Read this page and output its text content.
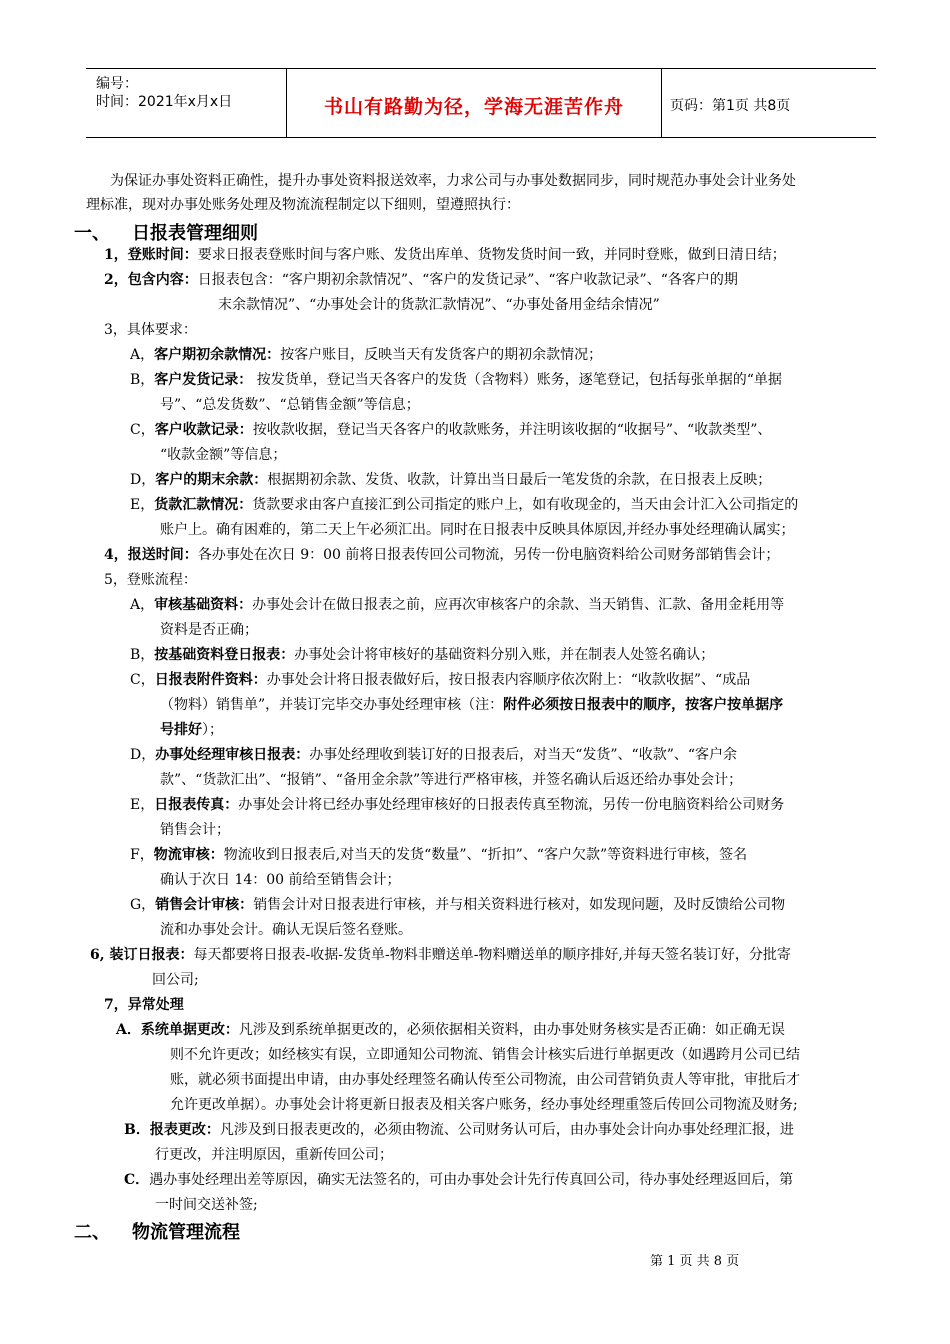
编号：
时间：2021年x月x日	书山有路勤为径，学海无涯苦作舟	页码：第1页 共8页
为保证办事处资料正确性，提升办事处资料报送效率，力求公司与办事处数据同步，同时规范办事处会计业务处
理标准，现对办事处账务处理及物流流程制定以下细则，望遵照执行：
一、 日报表管理细则
1，登账时间：要求日报表登账时间与客户账、发货出库单、货物发货时间一致，并同时登账，做到日清日结；
2，包含内容：日报表包含：“客户期初余款情况”、“客户的发货记录”、“客户收款记录”、“各客户的期
末余款情况”、“办事处会计的货款汇款情况”、“办事处备用金结余情况”
3，具体要求：
A，客户期初余款情况：按客户账目，反映当天有发货客户的期初余款情况；
B，客户发货记录： 按发货单，登记当天各客户的发货（含物料）账务，逐笔登记，包括每张单据的“单据
号”、“总发货数”、“总销售金额”等信息；
C，客户收款记录：按收款收据，登记当天各客户的收款账务，并注明该收据的“收据号”、“收款类型”、
“收款金额”等信息；
D，客户的期末余款：根据期初余款、发货、收款，计算出当日最后一笔发货的余款，在日报表上反映；
E，货款汇款情况：货款要求由客户直接汇到公司指定的账户上，如有收现金的，当天由会计汇入公司指定的
账户上。确有困难的，第二天上午必须汇出。同时在日报表中反映具体原因,并经办事处经理确认属实；
4，报送时间：各办事处在次日 9：00 前将日报表传回公司物流，另传一份电脑资料给公司财务部销售会计；
5，登账流程：
A，审核基础资料：办事处会计在做日报表之前，应再次审核客户的余款、当天销售、汇款、备用金耗用等
资料是否正确；
B，按基础资料登日报表：办事处会计将审核好的基础资料分别入账，并在制表人处签名确认；
C，日报表附件资料：办事处会计将日报表做好后，按日报表内容顺序依次附上：“收款收据”、“成品
（物料）销售单”，并装订完毕交办事处经理审核（注：附件必须按日报表中的顺序，按客户按单据序
号排好）；
D，办事处经理审核日报表：办事处经理收到装订好的日报表后，对当天“发货”、“收款”、“客户余
款”、“货款汇出”、“报销”、“备用金余款”等进行严格审核，并签名确认后返还给办事处会计；
E，日报表传真：办事处会计将已经办事处经理审核好的日报表传真至物流，另传一份电脑资料给公司财务
销售会计；
F，物流审核：物流收到日报表后,对当天的发货“数量”、“折扣”、“客户欠款”等资料进行审核，签名
确认于次日 14：00 前给至销售会计；
G，销售会计审核：销售会计对日报表进行审核，并与相关资料进行核对，如发现问题，及时反馈给公司物
流和办事处会计。确认无误后签名登账。
6, 装订日报表：每天都要将日报表-收据-发货单-物料非赠送单-物料赠送单的顺序排好,并每天签名装订好，分批寄
回公司;
7，异常处理
A．系统单据更改：凡涉及到系统单据更改的，必须依据相关资料，由办事处财务核实是否正确：如正确无误
则不允许更改；如经核实有误，立即通知公司物流、销售会计核实后进行单据更改（如遇跨月公司已结
账，就必须书面提出申请，由办事处经理签名确认传至公司物流，由公司营销负责人等审批，审批后才
允许更改单据）。办事处会计将更新日报表及相关客户账务，经办事处经理重签后传回公司物流及财务;
B．报表更改：凡涉及到日报表更改的，必须由物流、公司财务认可后，由办事处会计向办事处经理汇报，进
行更改，并注明原因，重新传回公司；
C．遇办事处经理出差等原因，确实无法签名的，可由办事处会计先行传真回公司，待办事处经理返回后，第
一时间交送补签;
二、 物流管理流程
第 1 页 共 8 页
